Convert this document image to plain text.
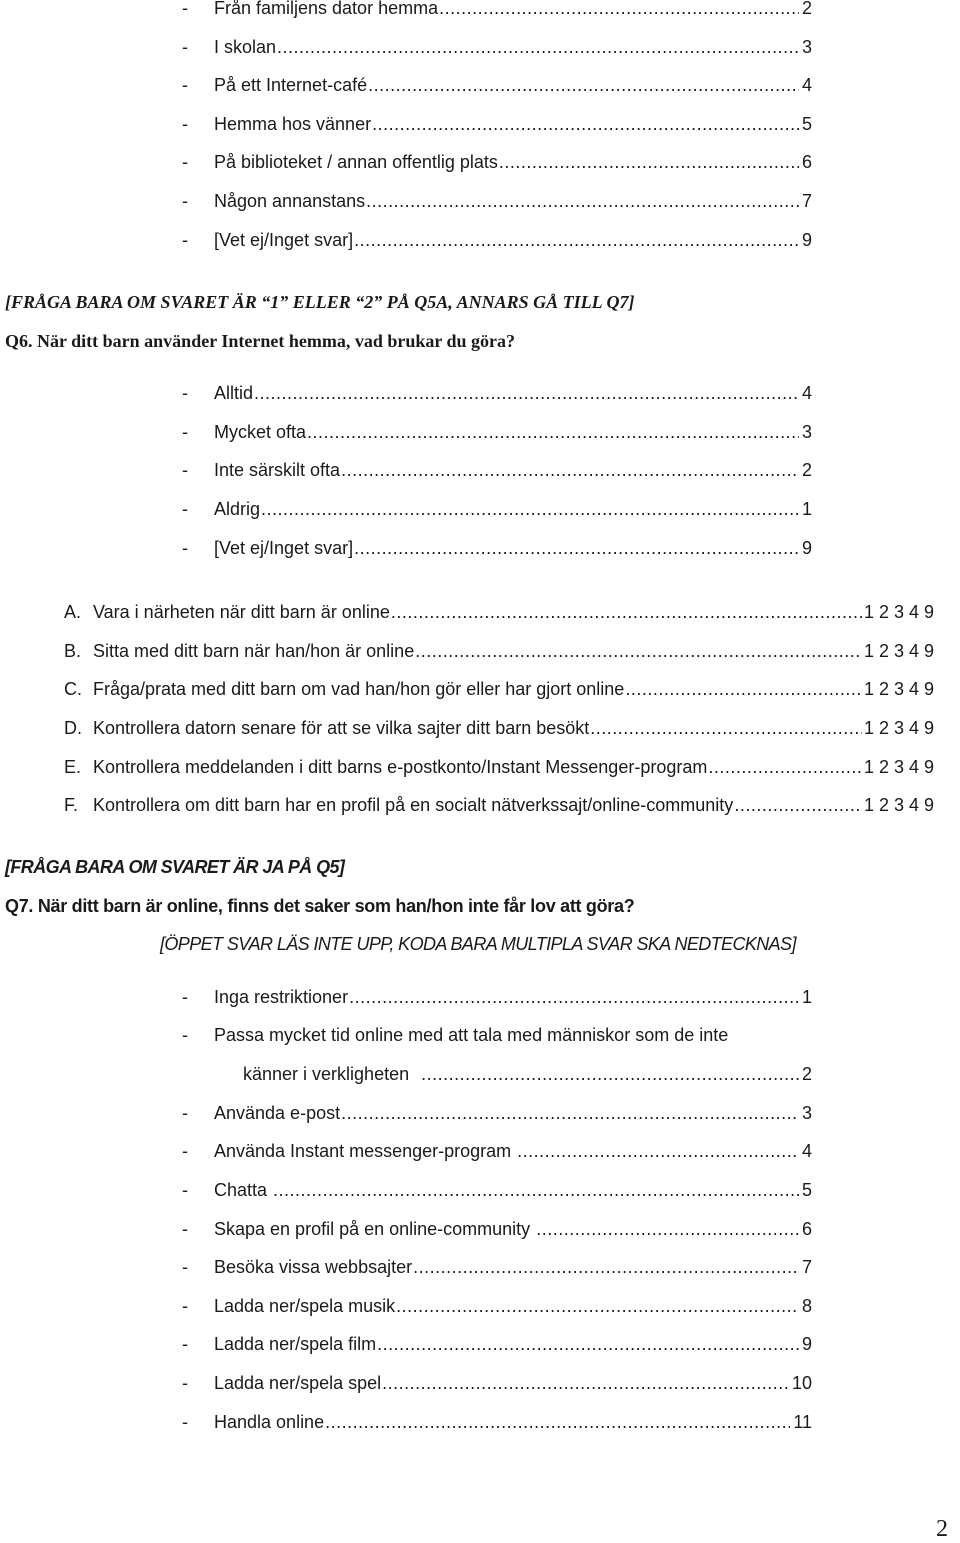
-	Från familjens dator hemma .....	2
-	I skolan .....	3
-	På ett Internet-café .....	4
-	Hemma hos vänner .....	5
-	På biblioteket / annan offentlig plats .....	6
-	Någon annanstans .....	7
-	[Vet ej/Inget svar] .....	9
[FRÅGA BARA OM SVARET ÄR “1” ELLER “2” PÅ Q5A, ANNARS GÅ TILL Q7]
Q6. När ditt barn använder Internet hemma, vad brukar du göra?
-	Alltid .....	4
-	Mycket ofta .....	3
-	Inte särskilt ofta .....	2
-	Aldrig .....	1
-	[Vet ej/Inget svar] .....	9
A. Vara i närheten när ditt barn är online .....	1 2 3 4 9
B. Sitta med ditt barn när han/hon är online .....	1 2 3 4 9
C. Fråga/prata med ditt barn om vad han/hon gör eller har gjort online .....	1 2 3 4 9
D. Kontrollera datorn senare för att se vilka sajter ditt barn besökt .....	1 2 3 4 9
E. Kontrollera meddelanden i ditt barns e-postkonto/Instant Messenger-program .....	1 2 3 4 9
F. Kontrollera om ditt barn har en profil på en socialt nätverkssajt/online-community .....	1 2 3 4 9
[FRÅGA BARA OM SVARET ÄR JA PÅ Q5]
Q7. När ditt barn är online, finns det saker som han/hon inte får lov att göra?
[ÖPPET SVAR LÄS INTE UPP, KODA BARA MULTIPLA SVAR SKA NEDTECKNAS]
-	Inga restriktioner .....	1
-	Passa mycket tid online med att tala med människor som de inte
känner i verkligheten .....	2
-	Använda e-post .....	3
-	Använda Instant messenger-program .....	4
-	Chatta .....	5
-	Skapa en profil på en online-community .....	6
-	Besöka vissa webbsajter .....	7
-	Ladda ner/spela musik .....	8
-	Ladda ner/spela film .....	9
-	Ladda ner/spela spel .....	10
-	Handla online .....	11
2
